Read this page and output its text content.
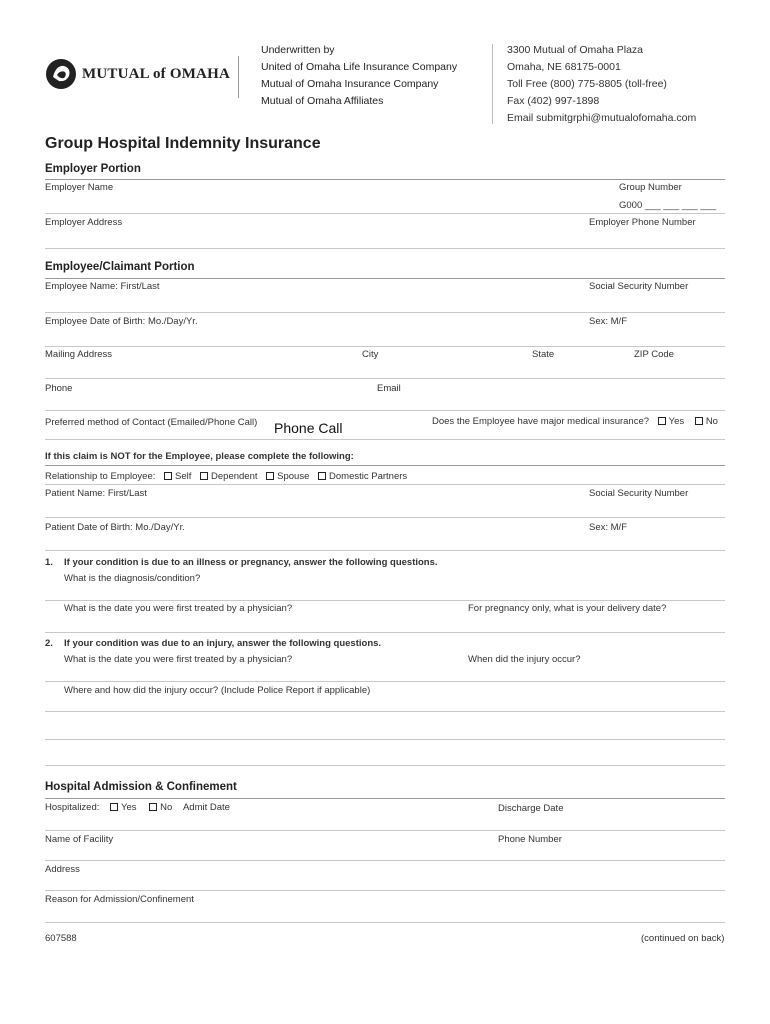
MUTUAL of OMAHA
Underwritten by
United of Omaha Life Insurance Company
Mutual of Omaha Insurance Company
Mutual of Omaha Affiliates
3300 Mutual of Omaha Plaza
Omaha, NE 68175-0001
Toll Free (800) 775-8805 (toll-free)
Fax (402) 997-1898
Email submitgrphi@mutualofomaha.com
Group Hospital Indemnity Insurance
Employer Portion
Employer Name	Group Number
G000 ___ ___ ___ ___
Employer Address	Employer Phone Number
Employee/Claimant Portion
Employee Name: First/Last	Social Security Number
Employee Date of Birth: Mo./Day/Yr.	Sex: M/F
Mailing Address	City	State	ZIP Code
Phone	Email
Preferred method of Contact (Emailed/Phone Call) Phone Call	Does the Employee have major medical insurance? Yes No
If this claim is NOT for the Employee, please complete the following:
Relationship to Employee: Self Dependent Spouse Domestic Partners
Patient Name: First/Last	Social Security Number
Patient Date of Birth: Mo./Day/Yr.	Sex: M/F
1. If your condition is due to an illness or pregnancy, answer the following questions.
What is the diagnosis/condition?
What is the date you were first treated by a physician?	For pregnancy only, what is your delivery date?
2. If your condition was due to an injury, answer the following questions.
What is the date you were first treated by a physician?	When did the injury occur?
Where and how did the injury occur? (Include Police Report if applicable)
Hospital Admission & Confinement
Hospitalized: Yes No Admit Date	Discharge Date
Name of Facility	Phone Number
Address
Reason for Admission/Confinement
607588	(continued on back)
